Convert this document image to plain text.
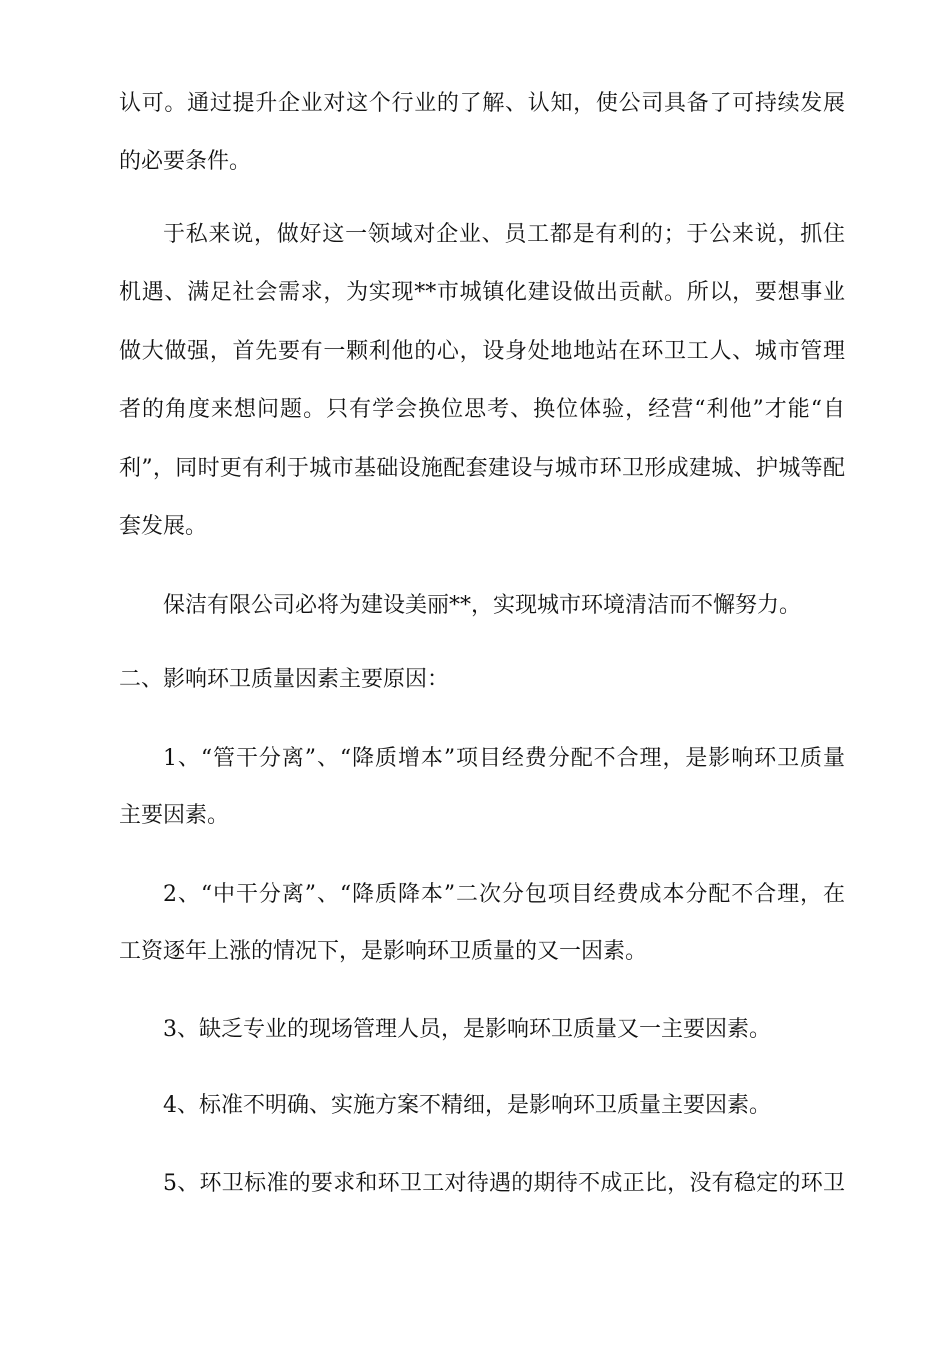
认可。通过提升企业对这个行业的了解、认知，使公司具备了可持续发展
的必要条件。
于私来说，做好这一领域对企业、员工都是有利的；于公来说，抓住
机遇、满足社会需求，为实现**市城镇化建设做出贡献。所以，要想事业
做大做强，首先要有一颗利他的心，设身处地地站在环卫工人、城市管理
者的角度来想问题。只有学会换位思考、换位体验，经营“利他”才能“自
利”，同时更有利于城市基础设施配套建设与城市环卫形成建城、护城等配
套发展。
保洁有限公司必将为建设美丽**，实现城市环境清洁而不懈努力。
二、影响环卫质量因素主要原因：
1、“管干分离”、“降质增本”项目经费分配不合理，是影响环卫质量
主要因素。
2、“中干分离”、“降质降本”二次分包项目经费成本分配不合理，在
工资逐年上涨的情况下，是影响环卫质量的又一因素。
3、缺乏专业的现场管理人员，是影响环卫质量又一主要因素。
4、标准不明确、实施方案不精细，是影响环卫质量主要因素。
5、环卫标准的要求和环卫工对待遇的期待不成正比，没有稳定的环卫
